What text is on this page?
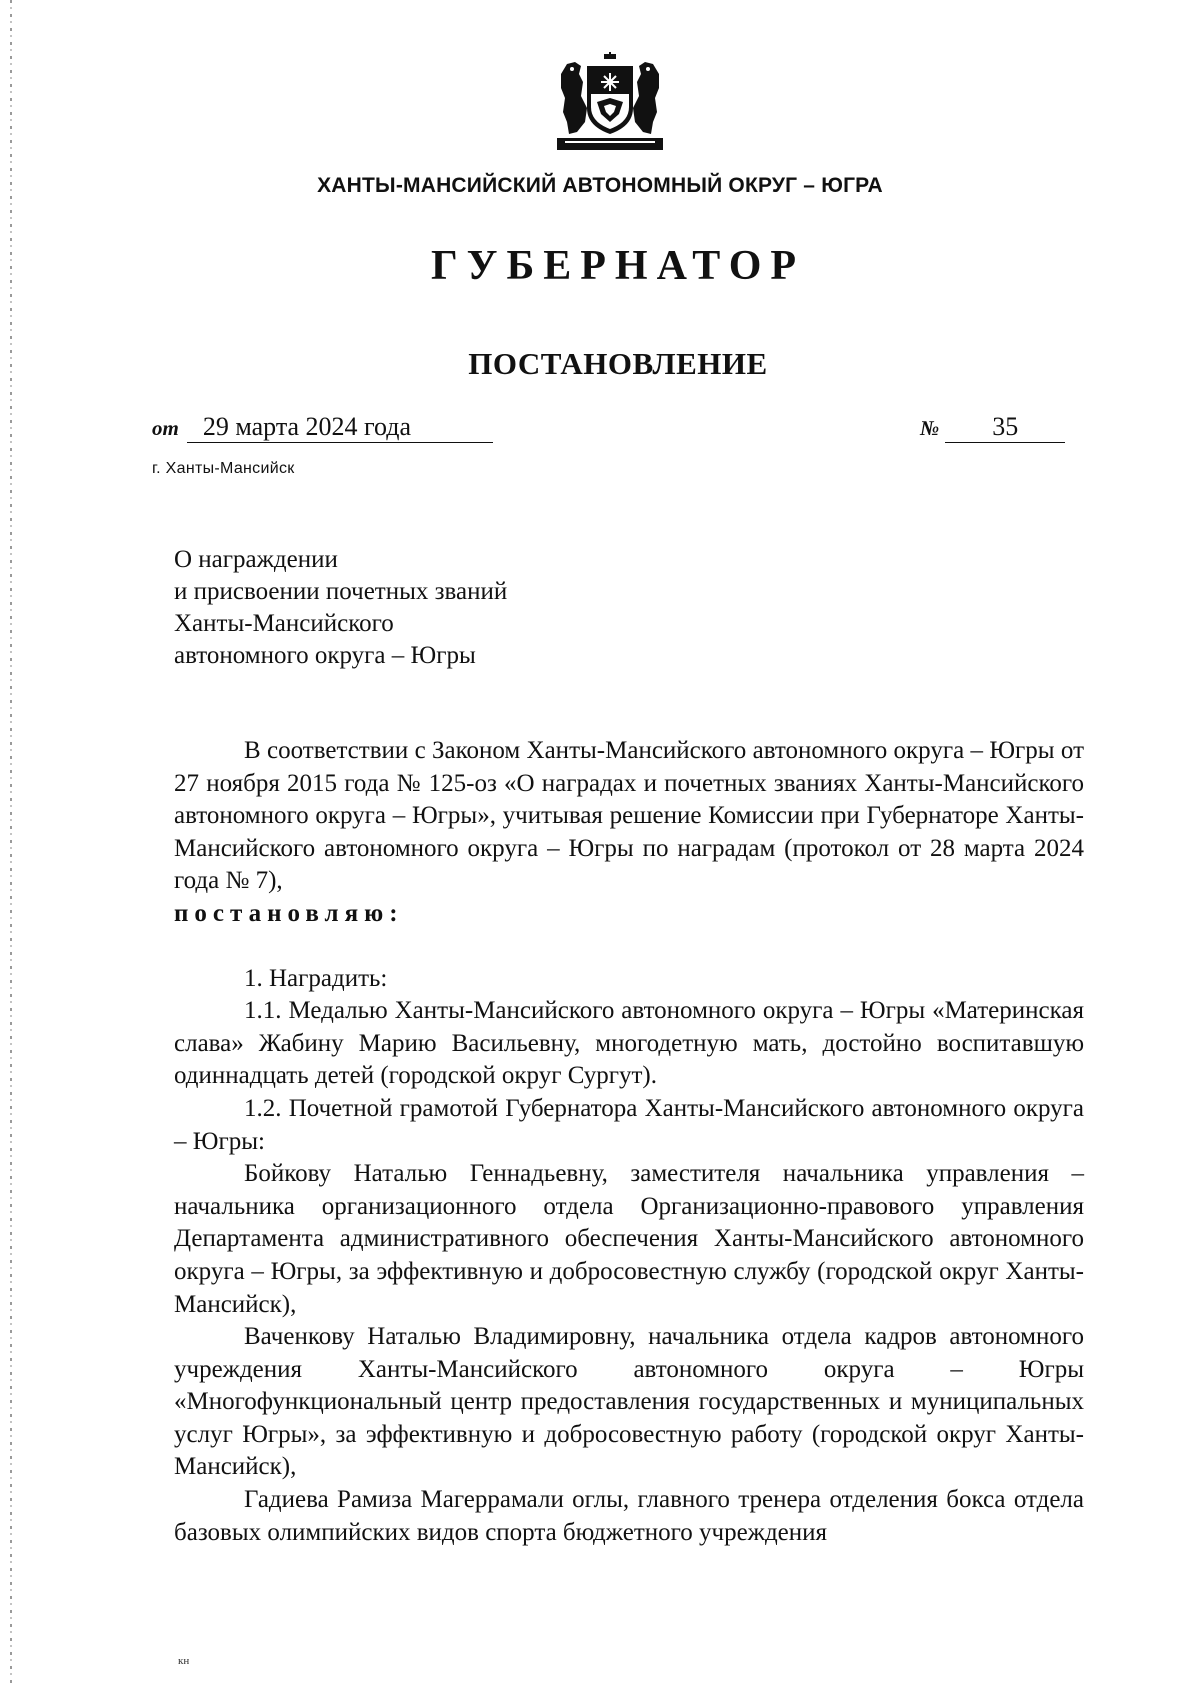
ХАНТЫ-МАНСИЙСКИЙ АВТОНОМНЫЙ ОКРУГ – ЮГРА
ГУБЕРНАТОР
ПОСТАНОВЛЕНИЕ
от 29 марта 2024 года	№ 35
г. Ханты-Мансийск
О награждении
и присвоении почетных званий
Ханты-Мансийского
автономного округа – Югры

В соответствии с Законом Ханты-Мансийского автономного округа – Югры от 27 ноября 2015 года № 125-оз «О наградах и почетных званиях Ханты-Мансийского автономного округа – Югры», учитывая решение Комиссии при Губернаторе Ханты-Мансийского автономного округа – Югры по наградам (протокол от 28 марта 2024 года № 7),
постановляю:

1. Наградить:

1.1. Медалью Ханты-Мансийского автономного округа – Югры «Материнская слава» Жабину Марию Васильевну, многодетную мать, достойно воспитавшую одиннадцать детей (городской округ Сургут).

1.2. Почетной грамотой Губернатора Ханты-Мансийского автономного округа – Югры:

Бойкову Наталью Геннадьевну, заместителя начальника управления – начальника организационного отдела Организационно-правового управления Департамента административного обеспечения Ханты-Мансийского автономного округа – Югры, за эффективную и добросовестную службу (городской округ Ханты-Мансийск),

Ваченкову Наталью Владимировну, начальника отдела кадров автономного учреждения Ханты-Мансийского автономного округа – Югры «Многофункциональный центр предоставления государственных и муниципальных услуг Югры», за эффективную и добросовестную работу (городской округ Ханты-Мансийск),

Гадиева Рамиза Магеррамали оглы, главного тренера отделения бокса отдела базовых олимпийских видов спорта бюджетного учреждения

кн
